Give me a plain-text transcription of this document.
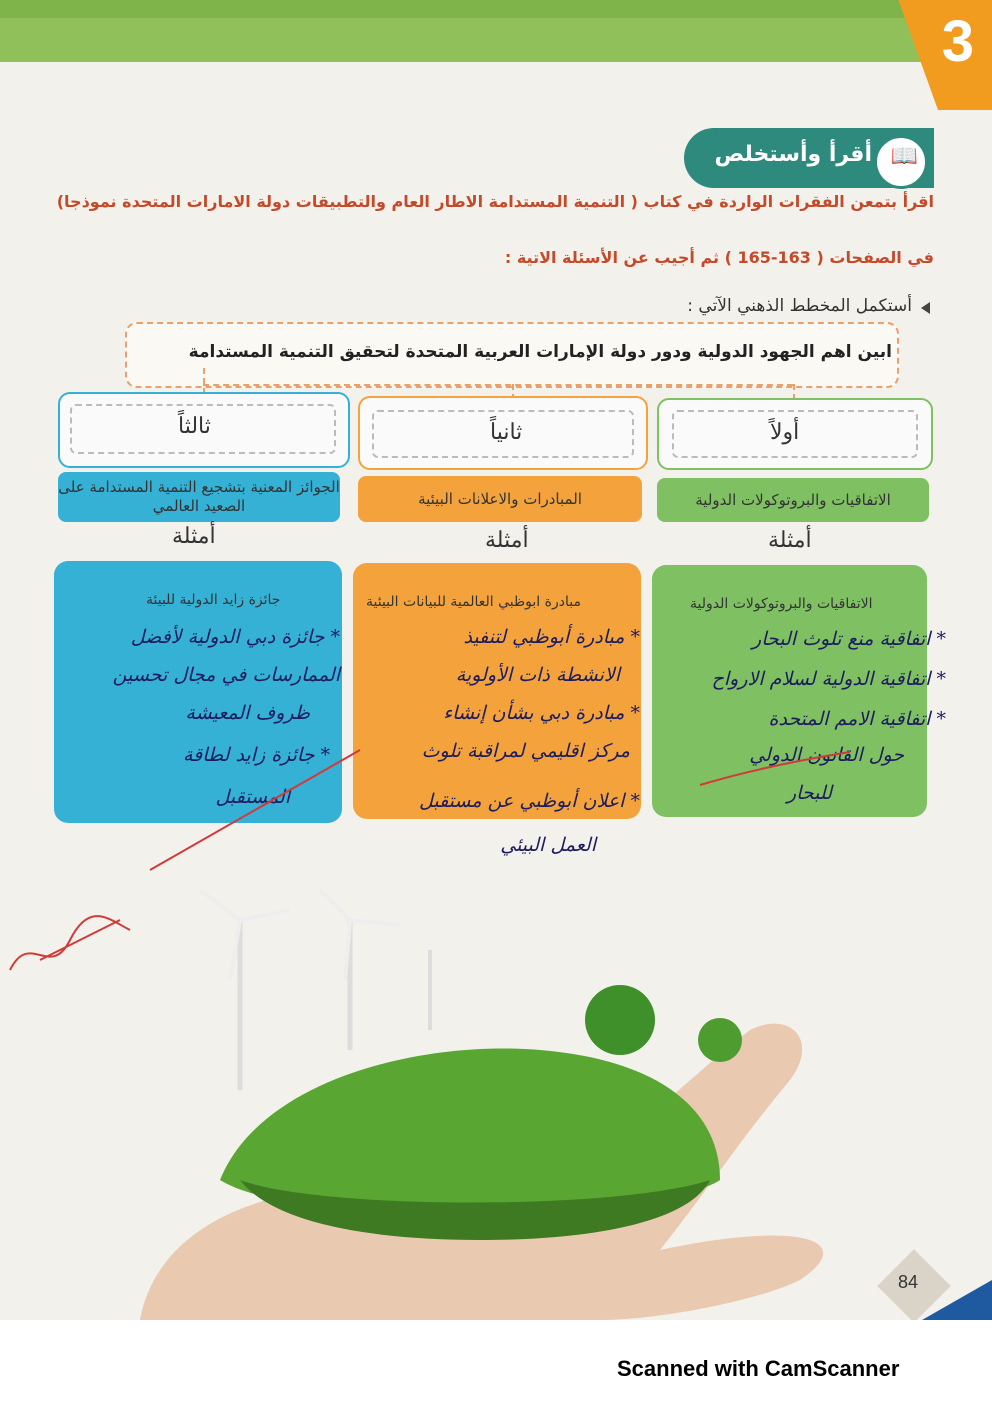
3
📖
أقرأ وأستخلص
اقرأ بتمعن الفقرات الواردة في كتاب ( التنمية المستدامة الاطار العام والتطبيقات دولة الامارات المتحدة نموذجا)
في الصفحات ( 163-165 ) ثم أجيب عن الأسئلة الاتية :
أستكمل المخطط الذهني الآتي :
ابين اهم الجهود الدولية ودور دولة الإمارات العربية المتحدة لتحقيق التنمية المستدامة
أولاً
الاتفاقيات والبروتوكولات الدولية
أمثلة
الاتفاقيات والبروتوكولات الدولية
* اتفاقية منع تلوث البحار
* اتفاقية الدولية لسلام الارواح
* اتفاقية الامم المتحدة
حول القانون الدولي
للبحار
ثانياً
المبادرات والاعلانات البيئية
أمثلة
مبادرة ابوظبي العالمية للبيانات البيئية
* مبادرة أبوظبي لتنفيذ
الانشطة ذات الأولوية
* مبادرة دبي بشأن إنشاء
مركز اقليمي لمراقبة تلوث
* اعلان أبوظبي عن مستقبل
العمل البيئي
ثالثاً
الجوائز المعنية بتشجيع التنمية المستدامة على الصعيد العالمي
أمثلة
جائزة زايد الدولية للبيئة
* جائزة دبي الدولية لأفضل
الممارسات في مجال تحسين
ظروف المعيشة
* جائزة زايد لطاقة
المستقبل
84
Scanned with CamScanner
